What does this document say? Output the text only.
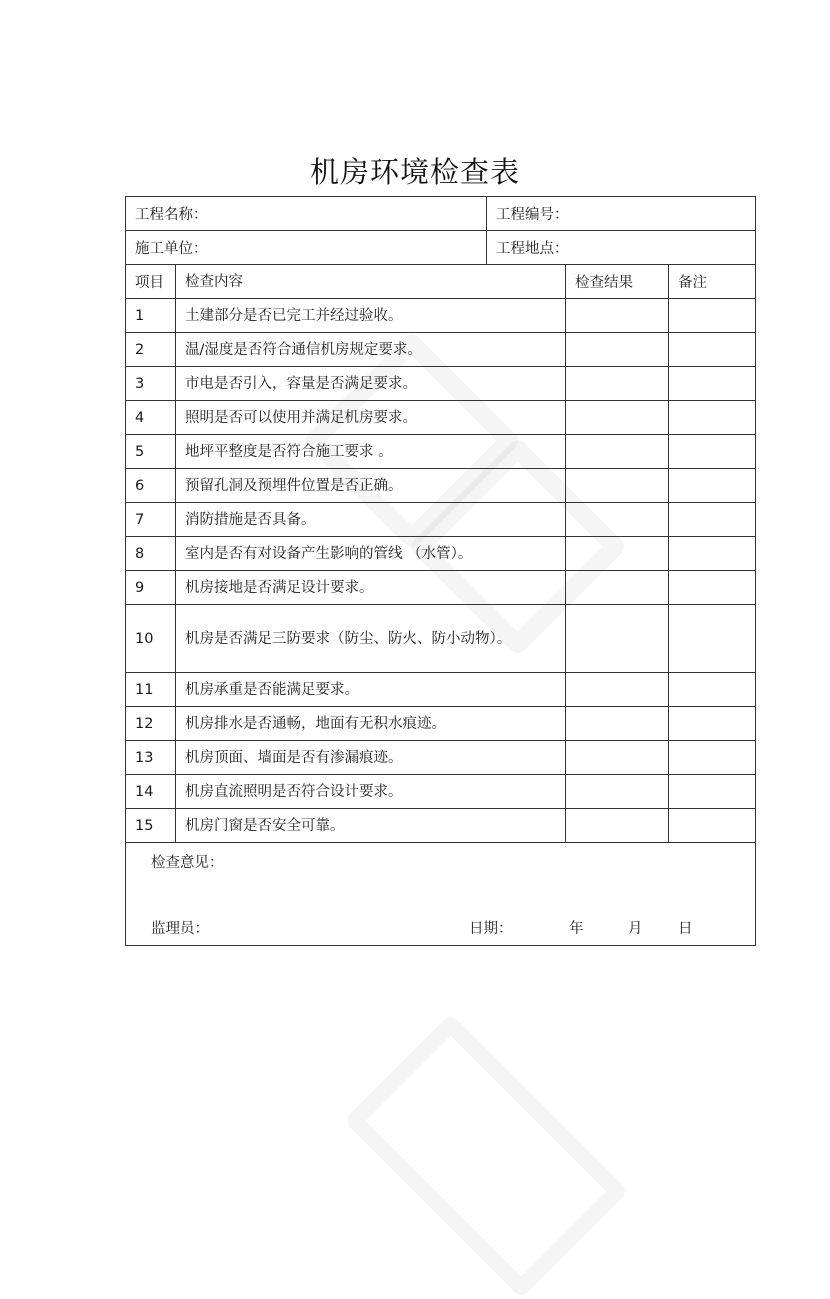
机房环境检查表
工程名称：	工程编号：
施工单位：	工程地点：
项目	检查内容	检查结果	备注
1	土建部分是否已完工并经过验收。
2	温/湿度是否符合通信机房规定要求。
3	市电是否引入，容量是否满足要求。
4	照明是否可以使用并满足机房要求。
5	地坪平整度是否符合施工要求 。
6	预留孔洞及预埋件位置是否正确。
7	消防措施是否具备。
8	室内是否有对设备产生影响的管线 （水管）。
9	机房接地是否满足设计要求。
10	机房是否满足三防要求（防尘、防火、防小动物）。
11	机房承重是否能满足要求。
12	机房排水是否通畅，地面有无积水痕迹。
13	机房顶面、墙面是否有渗漏痕迹。
14	机房直流照明是否符合设计要求。
15	机房门窗是否安全可靠。
检查意见：
监理员：	日期：	年	月 日
